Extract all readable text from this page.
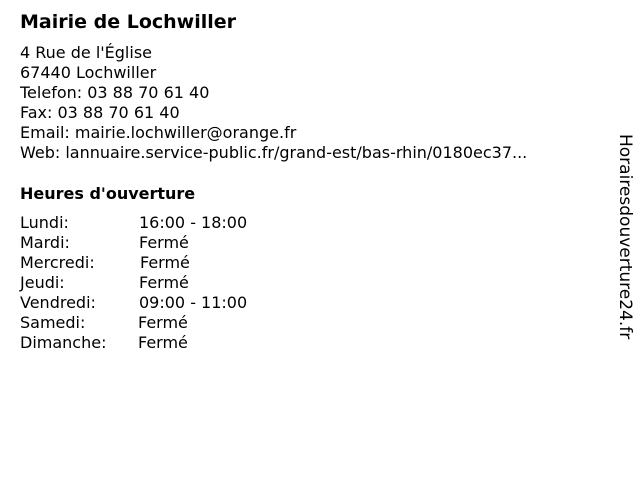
Mairie de Lochwiller
4 Rue de l'Église
67440 Lochwiller
Telefon: 03 88 70 61 40
Fax: 03 88 70 61 40
Email: mairie.lochwiller@orange.fr
Web: lannuaire.service-public.fr/grand-est/bas-rhin/0180ec37...
Heures d'ouverture
Lundi:	16:00 - 18:00
Mardi:	Fermé
Mercredi:	Fermé
Jeudi:	Fermé
Vendredi:	09:00 - 11:00
Samedi:	Fermé
Dimanche: Fermé
Horairesdouverture24.fr
